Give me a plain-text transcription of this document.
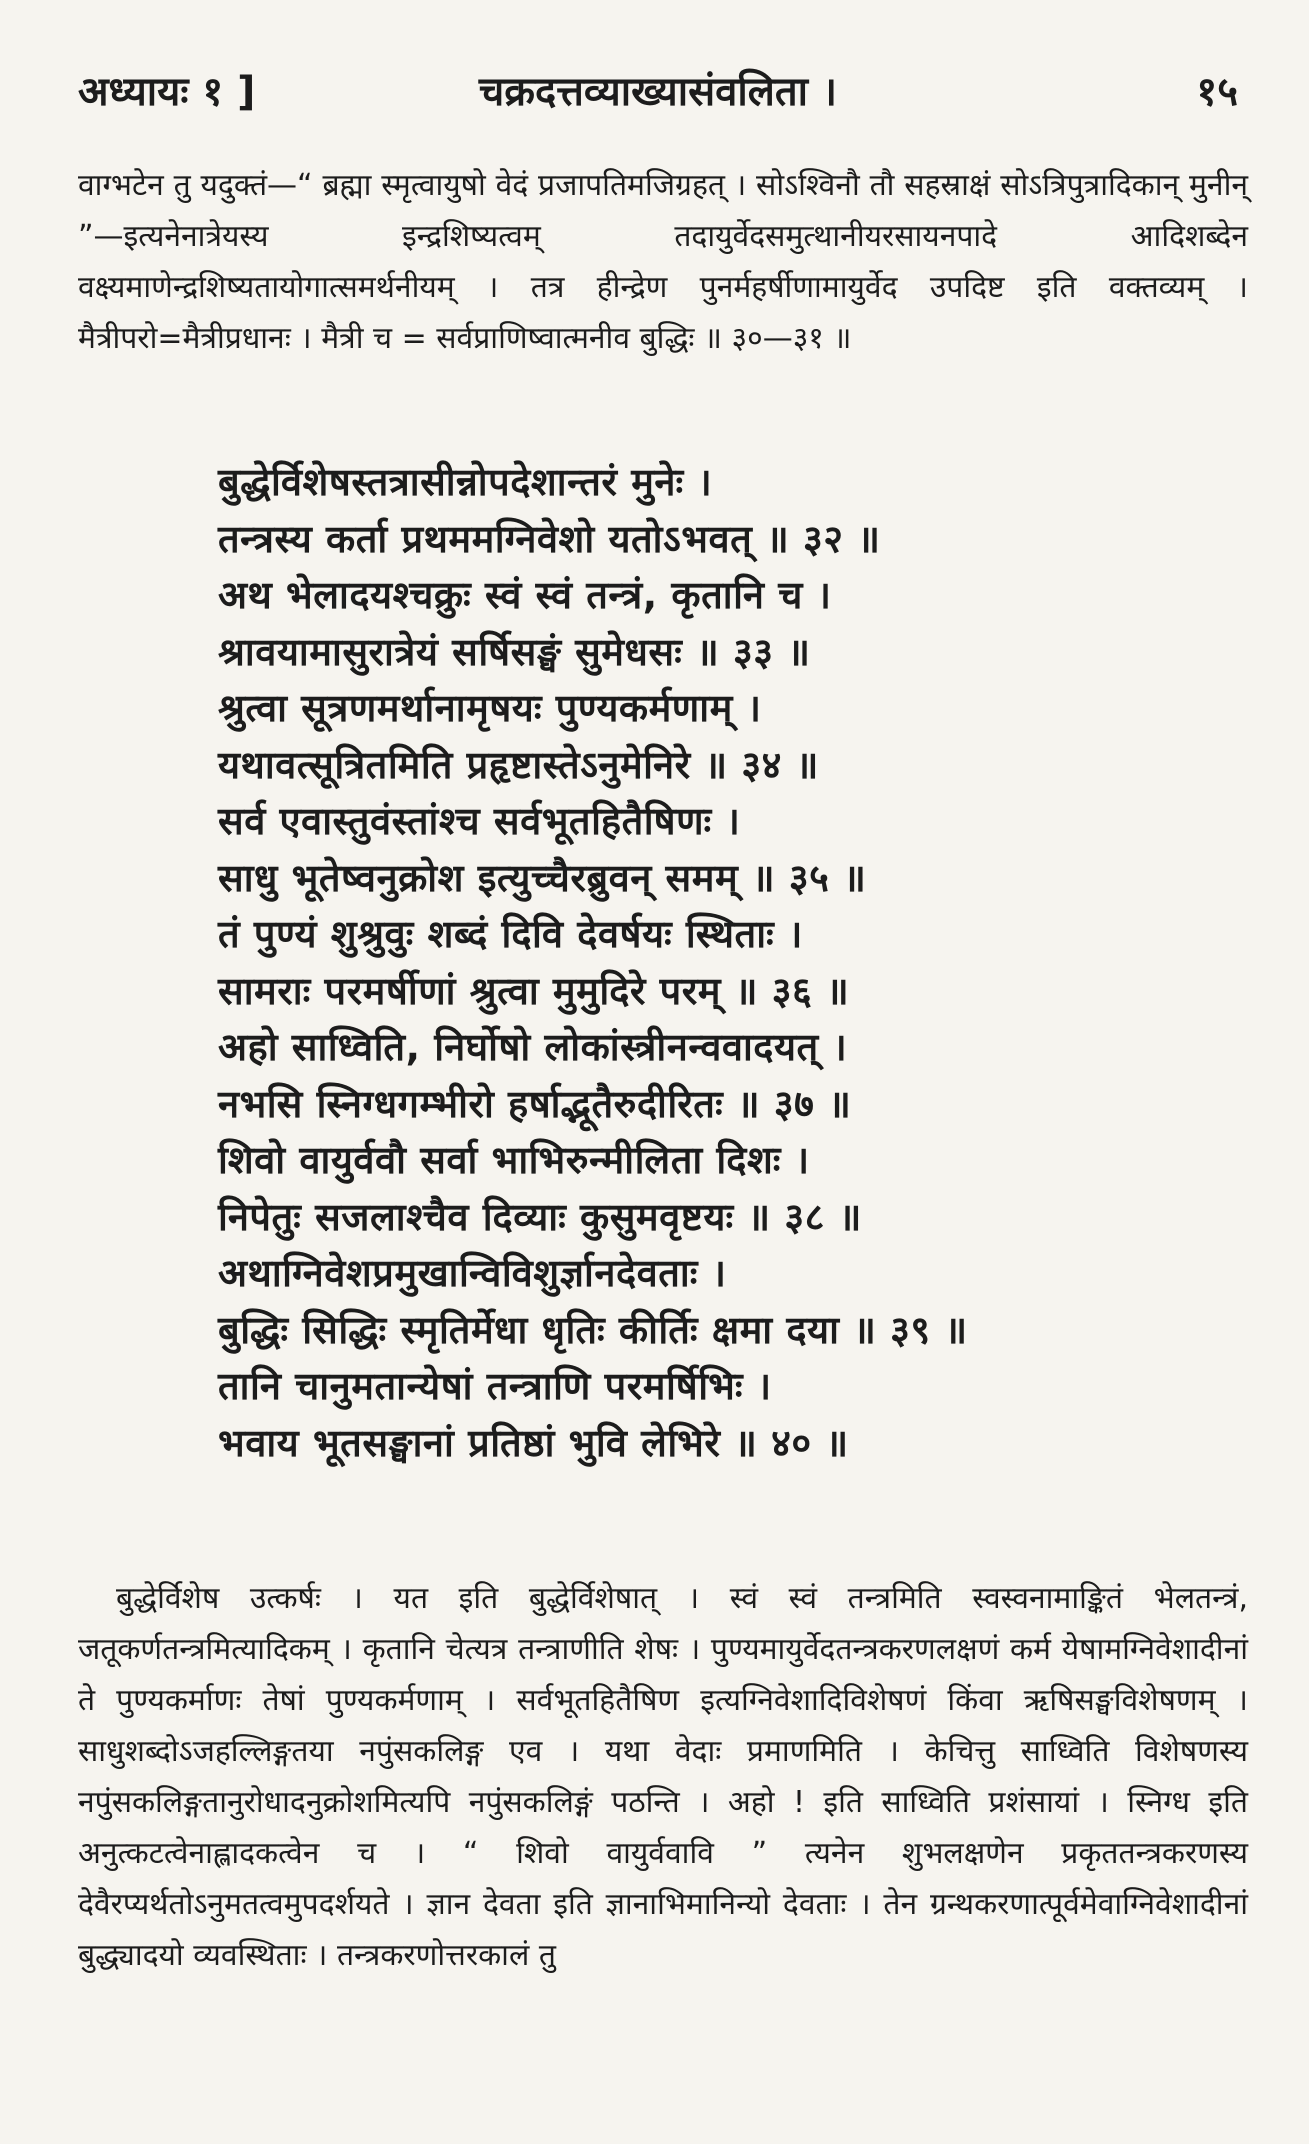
अध्यायः १ ]	चक्रदत्तव्याख्यासंवलिता ।	१५

वाग्भटेन तु यदुक्तं—“ ब्रह्मा स्मृत्वायुषो वेदं प्रजापतिमजिग्रहत् । सोऽश्विनौ तौ सहस्राक्षं सोऽत्रिपुत्रादिकान् मुनीन् ”—इत्यनेनात्रेयस्य इन्द्रशिष्यत्वम् तदायुर्वेदसमुत्थानीयरसायनपादे आदिशब्देन वक्ष्यमाणेन्द्रशिष्यतायोगात्समर्थनीयम् । तत्र हीन्द्रेण पुनर्महर्षीणामायुर्वेद उपदिष्ट इति वक्तव्यम् । मैत्रीपरो=मैत्रीप्रधानः । मैत्री च = सर्वप्राणिष्वात्मनीव बुद्धिः ॥ ३०—३१ ॥

बुद्धेर्विशेषस्तत्रासीन्नोपदेशान्तरं मुनेः ।
तन्त्रस्य कर्ता प्रथममग्निवेशो यतोऽभवत् ॥ ३२ ॥
अथ भेलादयश्चक्रुः स्वं स्वं तन्त्रं, कृतानि च ।
श्रावयामासुरात्रेयं सर्षिसङ्घं सुमेधसः ॥ ३३ ॥
श्रुत्वा सूत्रणमर्थानामृषयः पुण्यकर्मणाम् ।
यथावत्सूत्रितमिति प्रहृष्टास्तेऽनुमेनिरे ॥ ३४ ॥
सर्व एवास्तुवंस्तांश्च सर्वभूतहितैषिणः ।
साधु भूतेष्वनुक्रोश इत्युच्चैरब्रुवन् समम् ॥ ३५ ॥
तं पुण्यं शुश्रुवुः शब्दं दिवि देवर्षयः स्थिताः ।
सामराः परमर्षीणां श्रुत्वा मुमुदिरे परम् ॥ ३६ ॥
अहो साध्विति, निर्घोषो लोकांस्त्रीनन्ववादयत् ।
नभसि स्निग्धगम्भीरो हर्षाद्भूतैरुदीरितः ॥ ३७ ॥
शिवो वायुर्ववौ सर्वा भाभिरुन्मीलिता दिशः ।
निपेतुः सजलाश्चैव दिव्याः कुसुमवृष्टयः ॥ ३८ ॥
अथाग्निवेशप्रमुखान्विविशुर्ज्ञानदेवताः ।
बुद्धिः सिद्धिः स्मृतिर्मेधा धृतिः कीर्तिः क्षमा दया ॥ ३९ ॥
तानि चानुमतान्येषां तन्त्राणि परमर्षिभिः ।
भवाय भूतसङ्घानां प्रतिष्ठां भुवि लेभिरे ॥ ४० ॥

बुद्धेर्विशेष उत्कर्षः । यत इति बुद्धेर्विशेषात् । स्वं स्वं तन्त्रमिति स्वस्वनामाङ्कितं भेलतन्त्रं, जतूकर्णतन्त्रमित्यादिकम् । कृतानि चेत्यत्र तन्त्राणीति शेषः । पुण्यमायुर्वेदतन्त्रकरणलक्षणं कर्म येषामग्निवेशादीनां ते पुण्यकर्माणः तेषां पुण्यकर्मणाम् । सर्वभूतहितैषिण इत्यग्निवेशादिविशेषणं किंवा ऋषिसङ्घविशेषणम् । साधुशब्दोऽजहल्लिङ्गतया नपुंसकलिङ्ग एव । यथा वेदाः प्रमाणमिति । केचित्तु साध्विति विशेषणस्य नपुंसकलिङ्गतानुरोधादनुक्रोशमित्यपि नपुंसकलिङ्गं पठन्ति । अहो ! इति साध्विति प्रशंसायां । स्निग्ध इति अनुत्कटत्वेनाह्लादकत्वेन च । “ शिवो वायुर्ववावि ” त्यनेन शुभलक्षणेन प्रकृततन्त्रकरणस्य देवैरप्यर्थतोऽनुमतत्वमुपदर्शयते । ज्ञान देवता इति ज्ञानाभिमानिन्यो देवताः । तेन ग्रन्थकरणात्पूर्वमेवाग्निवेशादीनां बुद्ध्यादयो व्यवस्थिताः । तन्त्रकरणोत्तरकालं तु
